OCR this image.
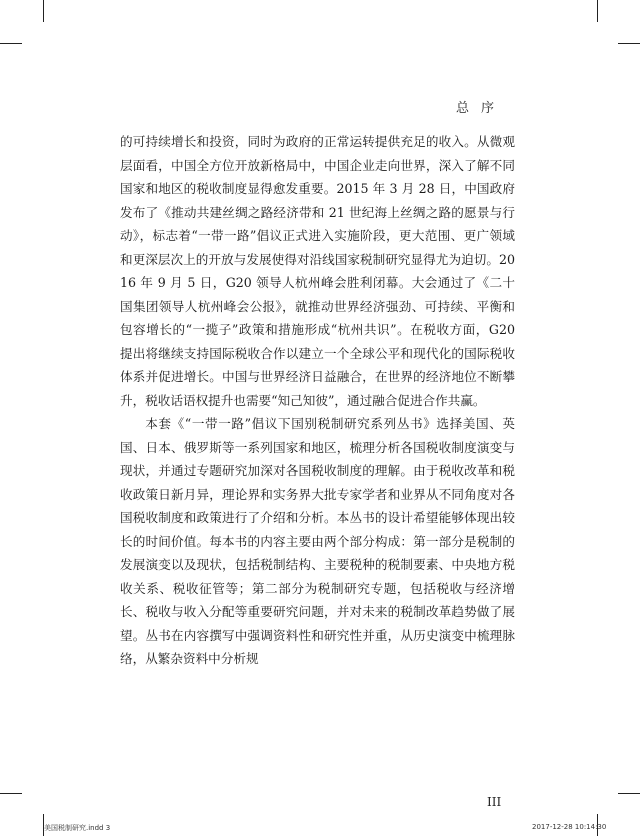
总序

的可持续增长和投资，同时为政府的正常运转提供充足的收入。从微观层面看，中国全方位开放新格局中，中国企业走向世界，深入了解不同国家和地区的税收制度显得愈发重要。2015 年 3 月 28 日，中国政府发布了《推动共建丝绸之路经济带和 21 世纪海上丝绸之路的愿景与行动》，标志着“一带一路”倡议正式进入实施阶段，更大范围、更广领域和更深层次上的开放与发展使得对沿线国家税制研究显得尤为迫切。2016 年 9 月 5 日，G20 领导人杭州峰会胜利闭幕。大会通过了《二十国集团领导人杭州峰会公报》，就推动世界经济强劲、可持续、平衡和包容增长的“一揽子”政策和措施形成“杭州共识”。在税收方面，G20 提出将继续支持国际税收合作以建立一个全球公平和现代化的国际税收体系并促进增长。中国与世界经济日益融合，在世界的经济地位不断攀升，税收话语权提升也需要“知己知彼”，通过融合促进合作共赢。

本套《“一带一路”倡议下国别税制研究系列丛书》选择美国、英国、日本、俄罗斯等一系列国家和地区，梳理分析各国税收制度演变与现状，并通过专题研究加深对各国税收制度的理解。由于税收改革和税收政策日新月异，理论界和实务界大批专家学者和业界从不同角度对各国税收制度和政策进行了介绍和分析。本丛书的设计希望能够体现出较长的时间价值。每本书的内容主要由两个部分构成：第一部分是税制的发展演变以及现状，包括税制结构、主要税种的税制要素、中央地方税收关系、税收征管等；第二部分为税制研究专题，包括税收与经济增长、税收与收入分配等重要研究问题，并对未来的税制改革趋势做了展望。丛书在内容撰写中强调资料性和研究性并重，从历史演变中梳理脉络，从繁杂资料中分析规

III
美国税制研究.indd 3	2017-12-28 10:14:30
